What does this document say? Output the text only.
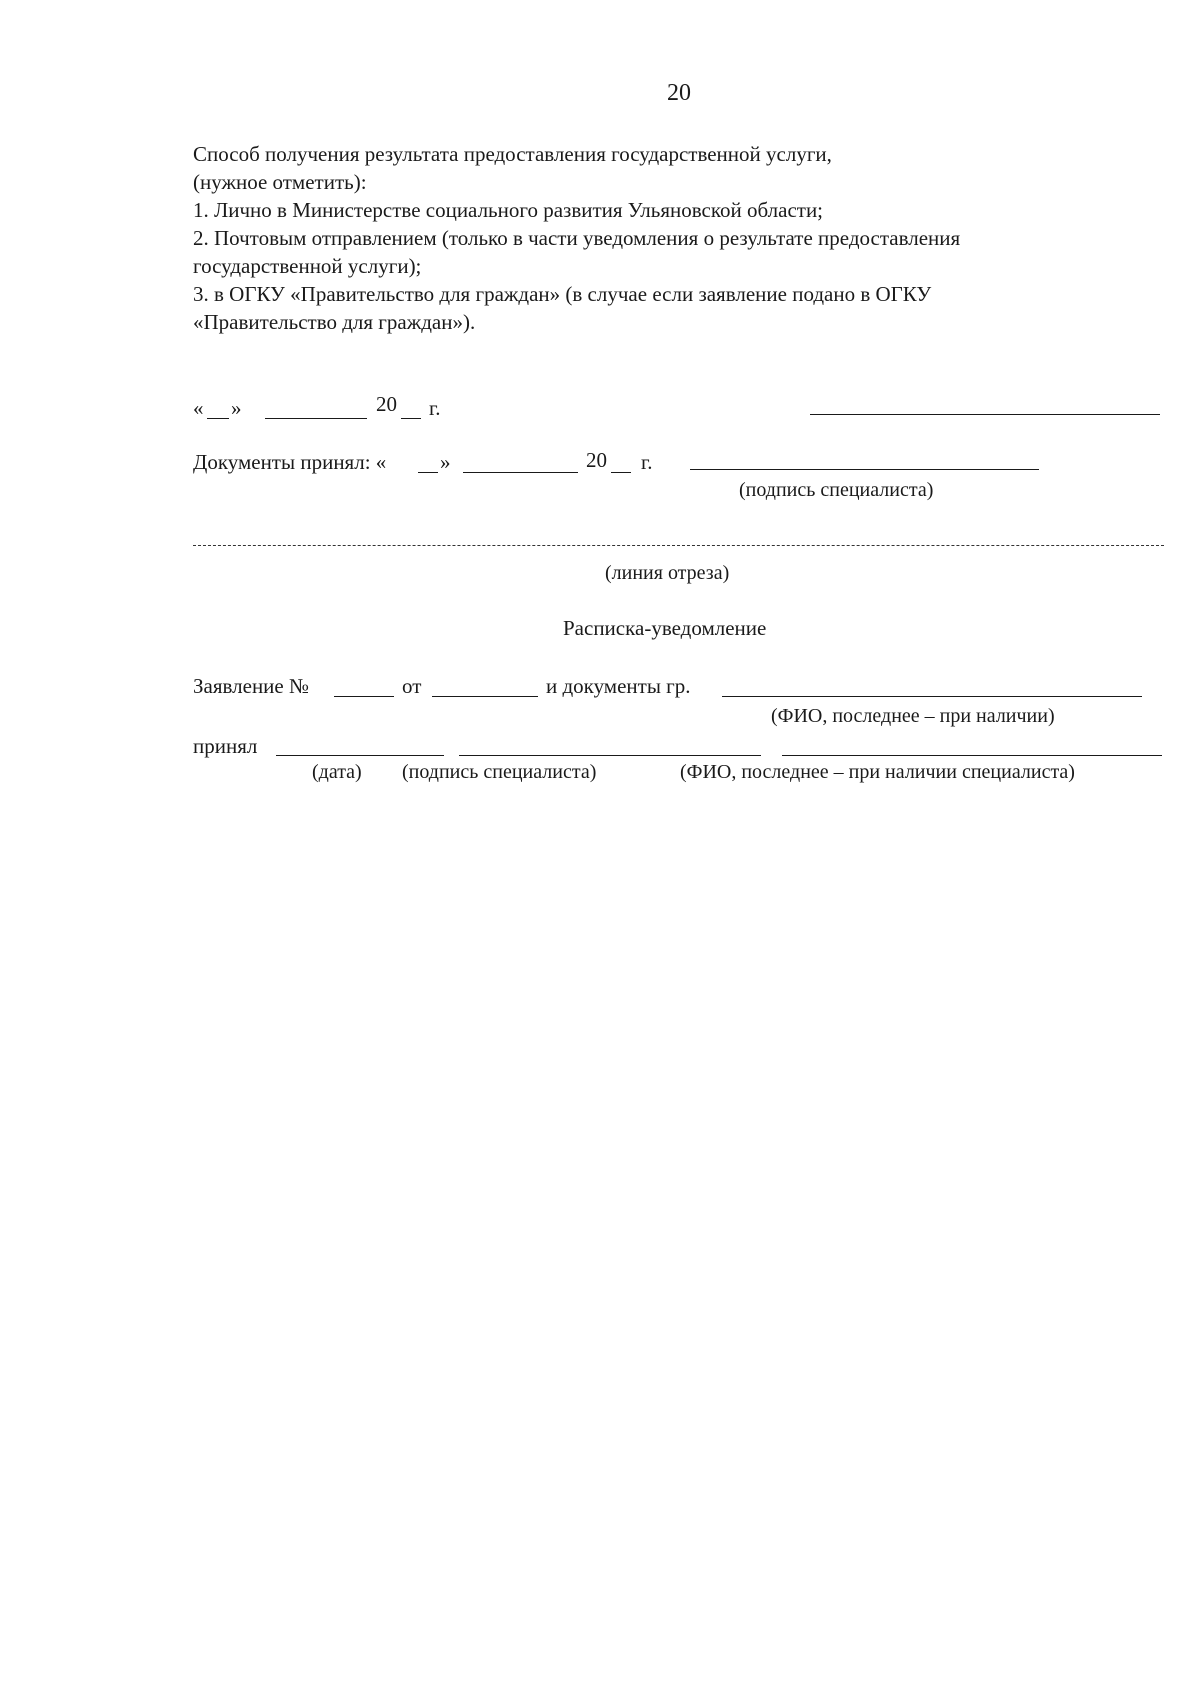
20
Способ получения результата предоставления государственной услуги,
(нужное отметить):
1. Лично в Министерстве социального развития Ульяновской области;
2. Почтовым отправлением (только в части уведомления о результате предоставления
государственной услуги);
3. в ОГКУ «Правительство для граждан» (в случае если заявление подано в ОГКУ
«Правительство для граждан»).
« »	20 г.
Документы принял: «	»	20 г.
(подпись специалиста)
(линия отреза)
Расписка-уведомление
Заявление №	от	и документы гр.
(ФИО, последнее – при наличии)
принял
(дата) (подпись специалиста)	(ФИО, последнее – при наличии специалиста)
